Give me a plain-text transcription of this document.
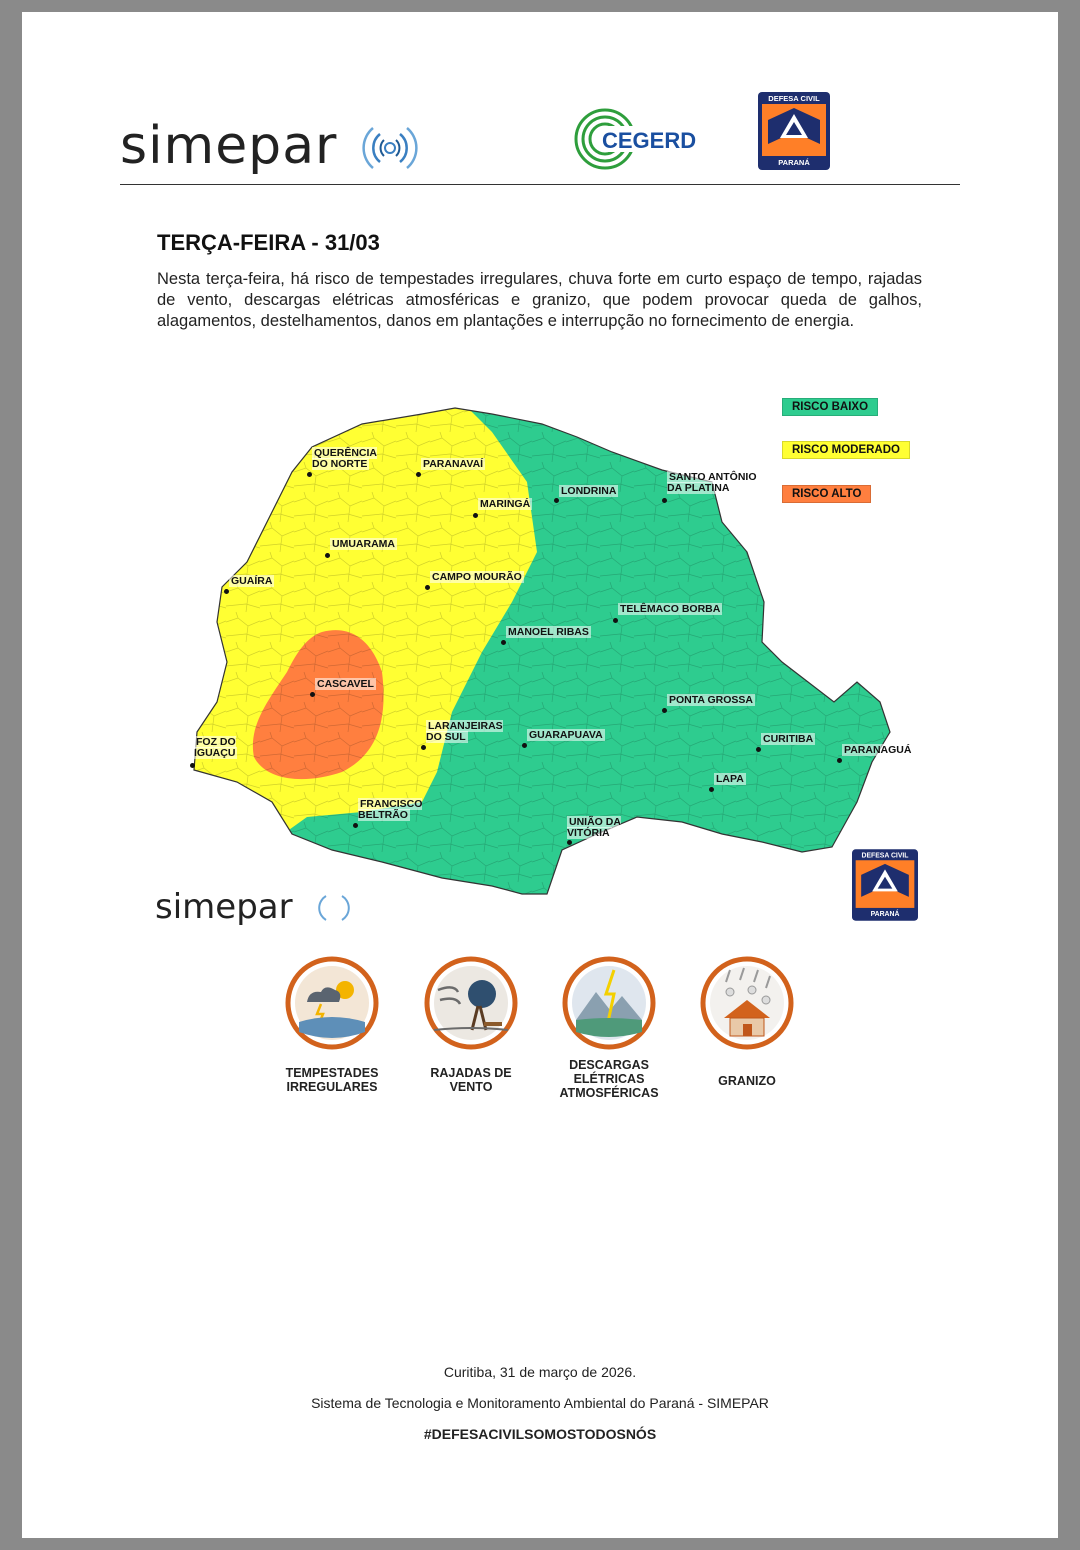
simepar	CEGERD
DEFESA CIVIL
PARANÁ
TERÇA-FEIRA - 31/03
Nesta terça-feira, há risco de tempestades irregulares, chuva forte em curto espaço de tempo, rajadas de vento, descargas elétricas atmosféricas e granizo, que podem provocar queda de galhos, alagamentos, destelhamentos, danos em plantações e interrupção no fornecimento de energia.
RISCO BAIXO
RISCO MODERADO
RISCO ALTO
QUERÊNCIA
DO NORTE	PARANAVAÍ
MARINGÁ
LONDRINA
SANTO ANTÔNIO
DA PLATINA
UMUARAMA
GUAÍRA	CAMPO MOURÃO
TELÊMACO BORBA
MANOEL RIBAS
CASCAVEL
PONTA GROSSA
LARANJEIRAS
DO SUL	GUARAPUAVA	CURITIBA
PARANAGUÁ
FOZ DO
IGUAÇU
LAPA
FRANCISCO
BELTRÃO
UNIÃO DA
VITÓRIA
simepar
DEFESA CIVIL
PARANÁ
TEMPESTADES
IRREGULARES
RAJADAS DE
VENTO
DESCARGAS
ELÉTRICAS
ATMOSFÉRICAS
GRANIZO
Curitiba, 31 de março de 2026.
Sistema de Tecnologia e Monitoramento Ambiental do Paraná - SIMEPAR
#DEFESACIVILSOMOSTODOSNÓS
